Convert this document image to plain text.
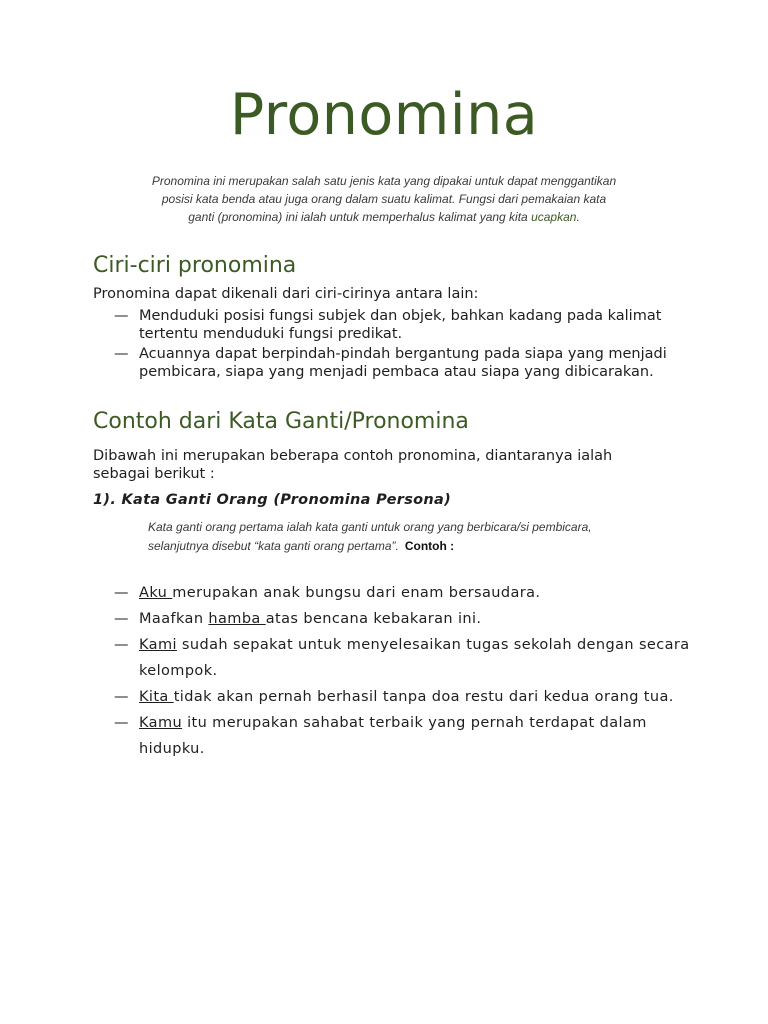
Pronomina

Pronomina ini merupakan salah satu jenis kata yang dipakai untuk dapat menggantikan posisi kata benda atau juga orang dalam suatu kalimat. Fungsi dari pemakaian kata ganti (pronomina) ini ialah untuk memperhalus kalimat yang kita ucapkan.

Ciri-ciri pronomina

Pronomina dapat dikenali dari ciri-cirinya antara lain:

— Menduduki posisi fungsi subjek dan objek, bahkan kadang pada kalimat tertentu menduduki fungsi predikat.
— Acuannya dapat berpindah-pindah bergantung pada siapa yang menjadi pembicara, siapa yang menjadi pembaca atau siapa yang dibicarakan.
Contoh dari Kata Ganti/Pronomina

Dibawah ini merupakan beberapa contoh pronomina, diantaranya ialah sebagai berikut :

1). Kata Ganti Orang (Pronomina Persona)

Kata ganti orang pertama ialah kata ganti untuk orang yang berbicara/si pembicara, selanjutnya disebut “kata ganti orang pertama”. Contoh :

— Aku merupakan anak bungsu dari enam bersaudara.
— Maafkan hamba atas bencana kebakaran ini.
— Kami sudah sepakat untuk menyelesaikan tugas sekolah dengan secara kelompok.
— Kita tidak akan pernah berhasil tanpa doa restu dari kedua orang tua.
— Kamu itu merupakan sahabat terbaik yang pernah terdapat dalam hidupku.
